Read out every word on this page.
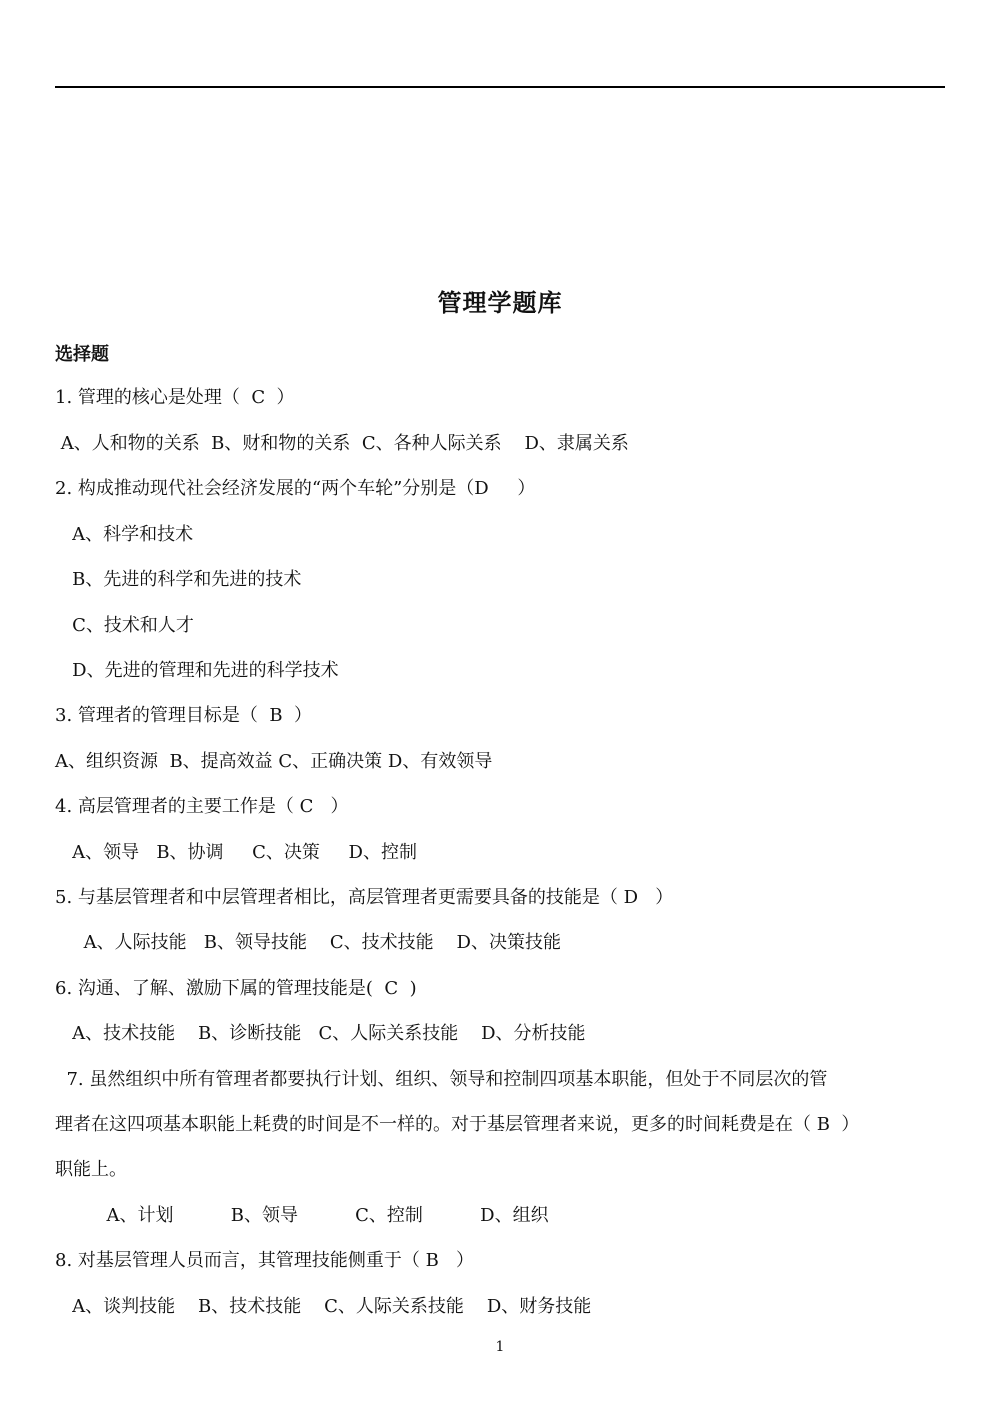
管理学题库
选择题
1. 管理的核心是处理（  C  ）
A、人和物的关系  B、财和物的关系  C、各种人际关系    D、隶属关系
2. 构成推动现代社会经济发展的“两个车轮”分别是（D     ）
A、科学和技术
B、先进的科学和先进的技术
C、技术和人才
D、先进的管理和先进的科学技术
3. 管理者的管理目标是（  B  ）
A、组织资源  B、提高效益 C、正确决策 D、有效领导
4. 高层管理者的主要工作是（ C   ）
A、领导   B、协调     C、决策     D、控制
5. 与基层管理者和中层管理者相比，高层管理者更需要具备的技能是（ D   ）
A、人际技能   B、领导技能    C、技术技能    D、决策技能
6. 沟通、了解、激励下属的管理技能是(  C  )
A、技术技能    B、诊断技能   C、人际关系技能    D、分析技能
7. 虽然组织中所有管理者都要执行计划、组织、领导和控制四项基本职能，但处于不同层次的管
理者在这四项基本职能上耗费的时间是不一样的。对于基层管理者来说，更多的时间耗费是在（ B  ）
职能上。
A、计划          B、领导          C、控制          D、组织
8. 对基层管理人员而言，其管理技能侧重于（ B   ）
A、谈判技能    B、技术技能    C、人际关系技能    D、财务技能
1
